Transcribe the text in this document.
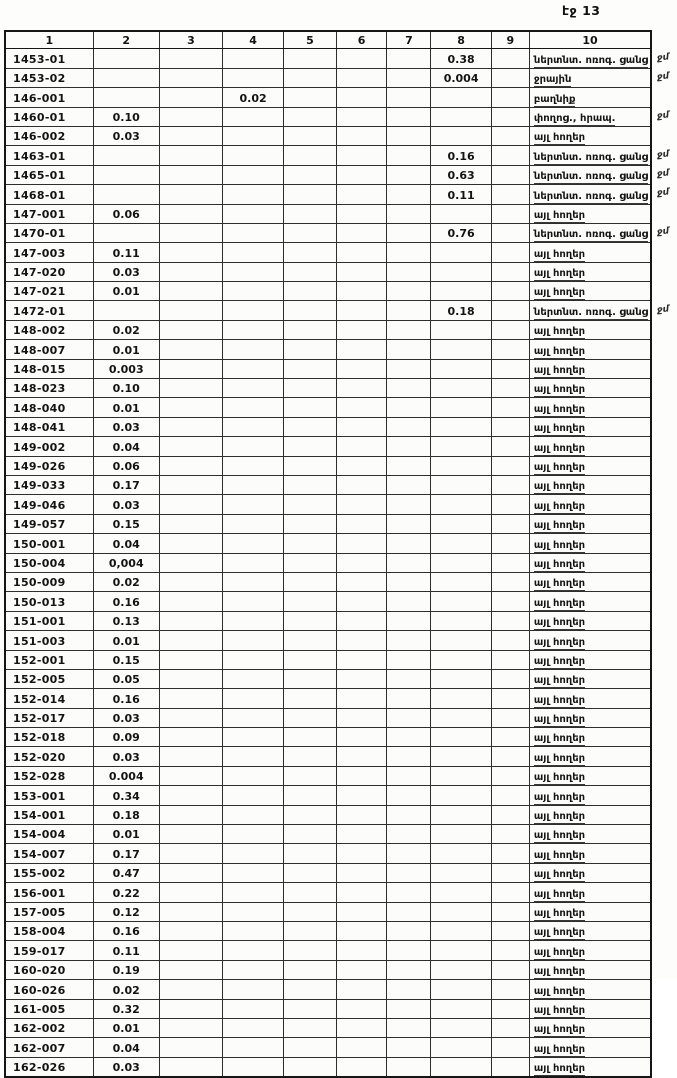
էջ 13
1	2	3	4	5	6	7	8	9	10	
1453-01							0.38		ներտնտ. ոռոգ. ցանց	ջմ
1453-02							0.004		ջրային	ջմ
146-001			0.02						բաղնիք	
1460-01	0.10								փողոց., հրապ.	ջմ
146-002	0.03								այլ հողեր	
1463-01							0.16		ներտնտ. ոռոգ. ցանց	ջմ
1465-01							0.63		ներտնտ. ոռոգ. ցանց	ջմ
1468-01							0.11		ներտնտ. ոռոգ. ցանց	ջմ
147-001	0.06								այլ հողեր	
1470-01							0.76		ներտնտ. ոռոգ. ցանց	ջմ
147-003	0.11								այլ հողեր	
147-020	0.03								այլ հողեր	
147-021	0.01								այլ հողեր	
1472-01							0.18		ներտնտ. ոռոգ. ցանց	ջմ
148-002	0.02								այլ հողեր	
148-007	0.01								այլ հողեր	
148-015	0.003								այլ հողեր	
148-023	0.10								այլ հողեր	
148-040	0.01								այլ հողեր	
148-041	0.03								այլ հողեր	
149-002	0.04								այլ հողեր	
149-026	0.06								այլ հողեր	
149-033	0.17								այլ հողեր	
149-046	0.03								այլ հողեր	
149-057	0.15								այլ հողեր	
150-001	0.04								այլ հողեր	
150-004	0,004								այլ հողեր	
150-009	0.02								այլ հողեր	
150-013	0.16								այլ հողեր	
151-001	0.13								այլ հողեր	
151-003	0.01								այլ հողեր	
152-001	0.15								այլ հողեր	
152-005	0.05								այլ հողեր	
152-014	0.16								այլ հողեր	
152-017	0.03								այլ հողեր	
152-018	0.09								այլ հողեր	
152-020	0.03								այլ հողեր	
152-028	0.004								այլ հողեր	
153-001	0.34								այլ հողեր	
154-001	0.18								այլ հողեր	
154-004	0.01								այլ հողեր	
154-007	0.17								այլ հողեր	
155-002	0.47								այլ հողեր	
156-001	0.22								այլ հողեր	
157-005	0.12								այլ հողեր	
158-004	0.16								այլ հողեր	
159-017	0.11								այլ հողեր	
160-020	0.19								այլ հողեր	
160-026	0.02								այլ հողեր	
161-005	0.32								այլ հողեր	
162-002	0.01								այլ հողեր	
162-007	0.04								այլ հողեր	
162-026	0.03								այլ հողեր	
